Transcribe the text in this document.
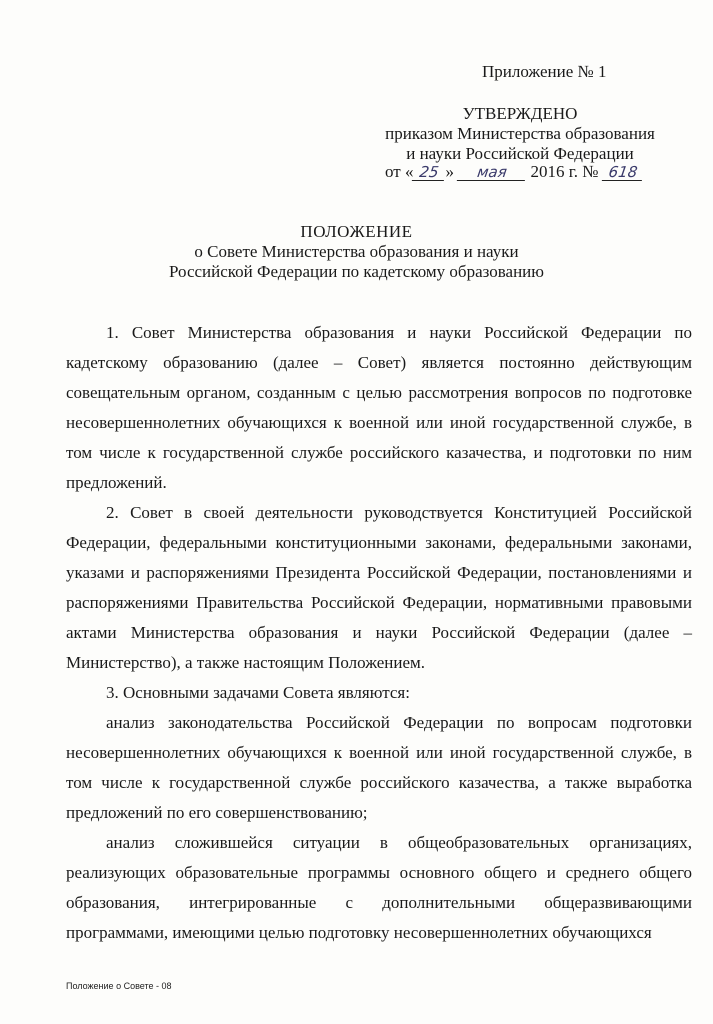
Приложение № 1
УТВЕРЖДЕНО
приказом Министерства образования
и науки Российской Федерации
от « 25 » мая 2016 г. № 618
ПОЛОЖЕНИЕ
о Совете Министерства образования и науки
Российской Федерации по кадетскому образованию

1. Совет Министерства образования и науки Российской Федерации по кадетскому образованию (далее – Совет) является постоянно действующим совещательным органом, созданным с целью рассмотрения вопросов по подготовке несовершеннолетних обучающихся к военной или иной государственной службе, в том числе к государственной службе российского казачества, и подготовки по ним предложений.

2. Совет в своей деятельности руководствуется Конституцией Российской Федерации, федеральными конституционными законами, федеральными законами, указами и распоряжениями Президента Российской Федерации, постановлениями и распоряжениями Правительства Российской Федерации, нормативными правовыми актами Министерства образования и науки Российской Федерации (далее – Министерство), а также настоящим Положением.

3. Основными задачами Совета являются:

анализ законодательства Российской Федерации по вопросам подготовки несовершеннолетних обучающихся к военной или иной государственной службе, в том числе к государственной службе российского казачества, а также выработка предложений по его совершенствованию;

анализ сложившейся ситуации в общеобразовательных организациях, реализующих образовательные программы основного общего и среднего общего образования, интегрированные с дополнительными общеразвивающими программами, имеющими целью подготовку несовершеннолетних обучающихся

Положение о Совете - 08
